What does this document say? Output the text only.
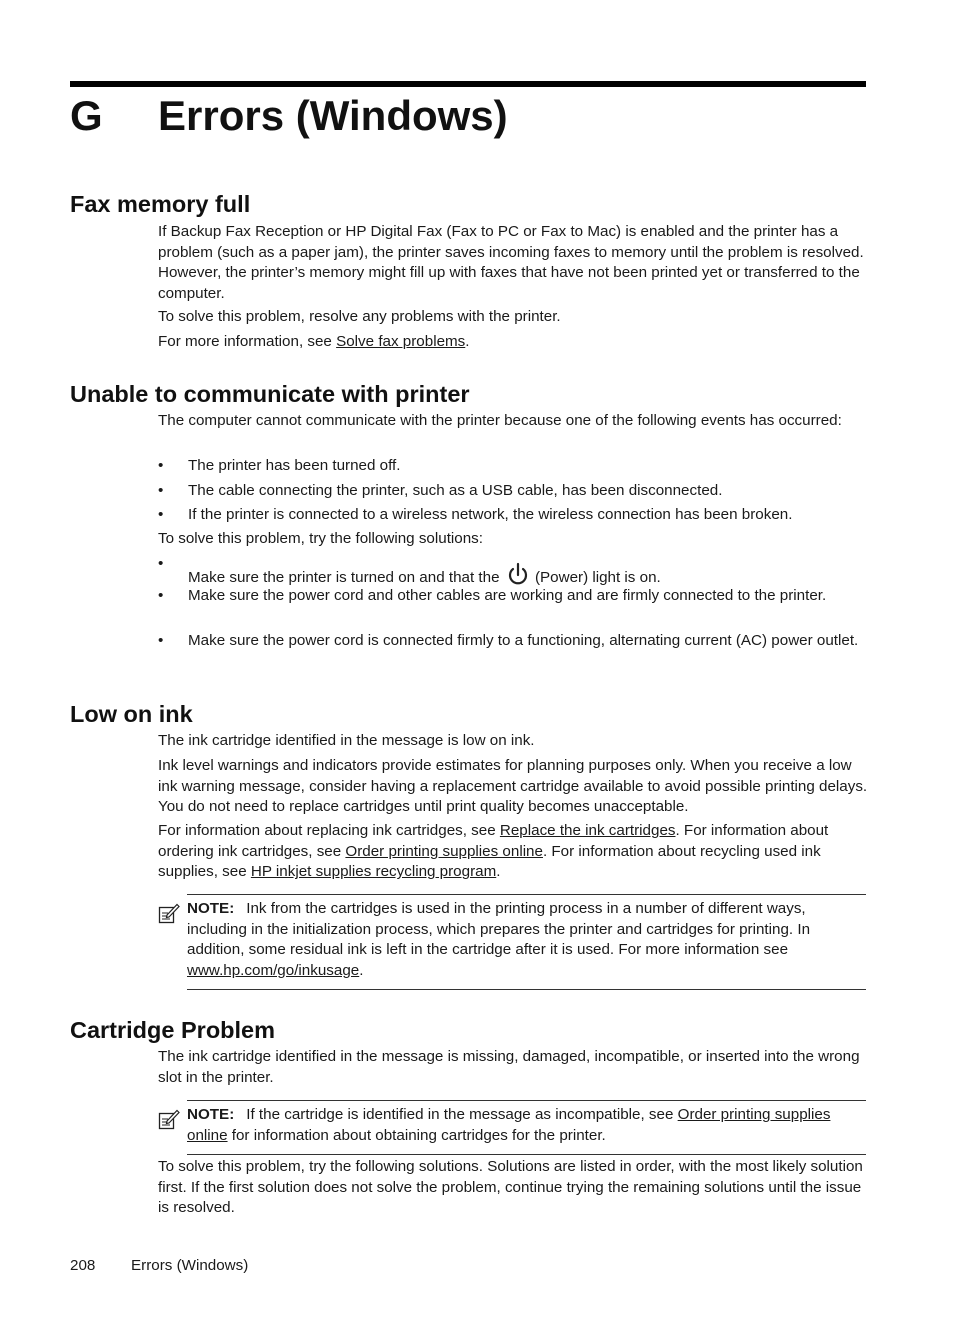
G Errors (Windows)
Fax memory full
If Backup Fax Reception or HP Digital Fax (Fax to PC or Fax to Mac) is enabled and the printer has a problem (such as a paper jam), the printer saves incoming faxes to memory until the problem is resolved. However, the printer’s memory might fill up with faxes that have not been printed yet or transferred to the computer.
To solve this problem, resolve any problems with the printer.
For more information, see Solve fax problems.
Unable to communicate with printer
The computer cannot communicate with the printer because one of the following events has occurred:
• The printer has been turned off.
• The cable connecting the printer, such as a USB cable, has been disconnected.
• If the printer is connected to a wireless network, the wireless connection has been broken.
To solve this problem, try the following solutions:
•
Make sure the printer is turned on and that the  (Power) light is on.
• Make sure the power cord and other cables are working and are firmly connected to the printer.
• Make sure the power cord is connected firmly to a functioning, alternating current (AC) power outlet.
Low on ink
The ink cartridge identified in the message is low on ink.
Ink level warnings and indicators provide estimates for planning purposes only. When you receive a low ink warning message, consider having a replacement cartridge available to avoid possible printing delays. You do not need to replace cartridges until print quality becomes unacceptable.
For information about replacing ink cartridges, see Replace the ink cartridges. For information about ordering ink cartridges, see Order printing supplies online. For information about recycling used ink supplies, see HP inkjet supplies recycling program.
NOTE: Ink from the cartridges is used in the printing process in a number of different ways, including in the initialization process, which prepares the printer and cartridges for printing. In addition, some residual ink is left in the cartridge after it is used. For more information see www.hp.com/go/inkusage.
Cartridge Problem
The ink cartridge identified in the message is missing, damaged, incompatible, or inserted into the wrong slot in the printer.
NOTE: If the cartridge is identified in the message as incompatible, see Order printing supplies online for information about obtaining cartridges for the printer.
To solve this problem, try the following solutions. Solutions are listed in order, with the most likely solution first. If the first solution does not solve the problem, continue trying the remaining solutions until the issue is resolved.
208 Errors (Windows)
